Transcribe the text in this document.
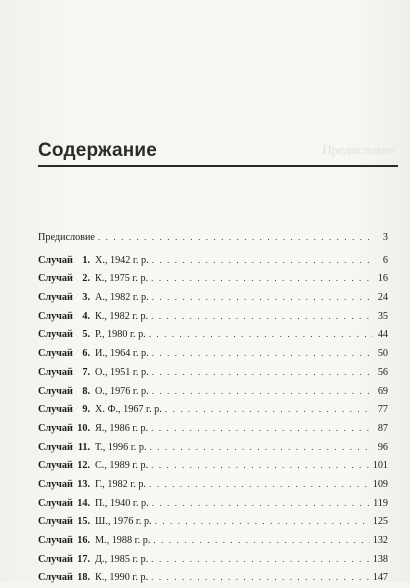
Содержание	Предисловие
Предисловие . . .	3
Случай 1. Х., 1942 г. р. . . .	6
Случай 2. К., 1975 г. р. . . .	16
Случай 3. А., 1982 г. р. . . .	24
Случай 4. К., 1982 г. р. . . .	35
Случай 5. Р., 1980 г. р. . . .	44
Случай 6. И., 1964 г. р. . . .	50
Случай 7. О., 1951 г. р. . . .	56
Случай 8. О., 1976 г. р. . . .	69
Случай 9. Х. Ф., 1967 г. р. . . .	77
Случай 10. Я., 1986 г. р. . . .	87
Случай 11. Т., 1996 г. р. . . .	96
Случай 12. С., 1989 г. р. . . .	101
Случай 13. Г., 1982 г. р. . . .	109
Случай 14. П., 1940 г. р. . . .	119
Случай 15. Ш., 1976 г. р. . . .	125
Случай 16. М., 1988 г. р. . . .	132
Случай 17. Д., 1985 г. р. . . .	138
Случай 18. К., 1990 г. р. . . .	147
